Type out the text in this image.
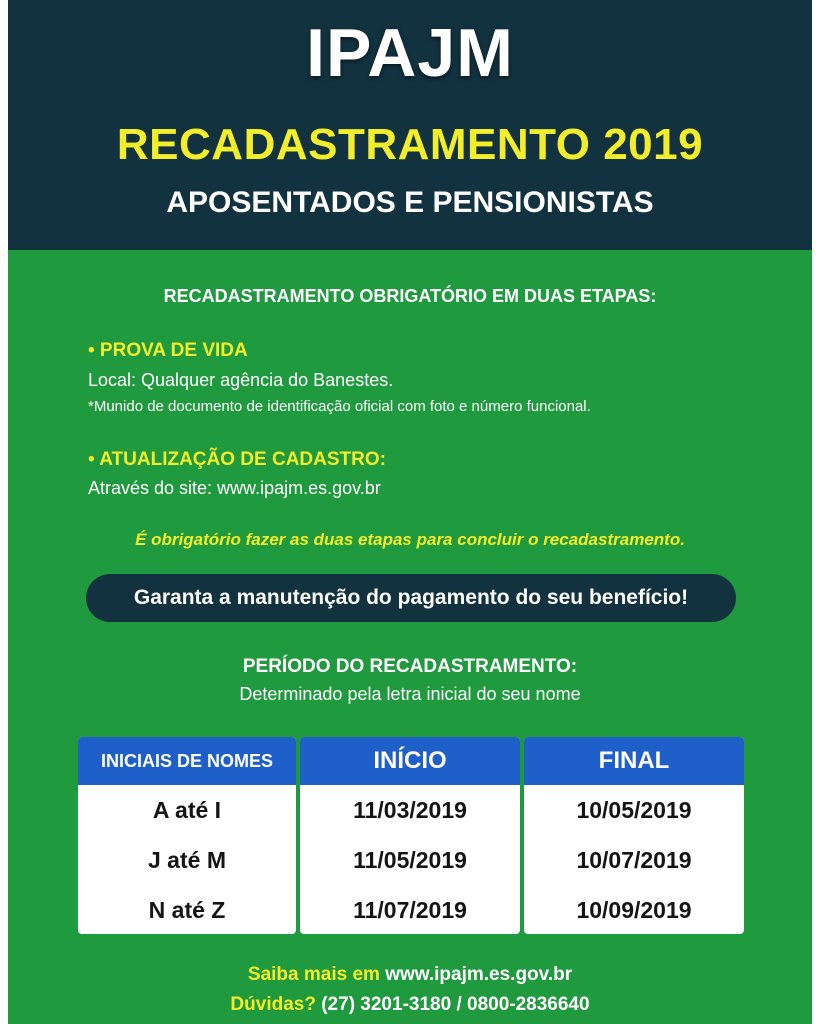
IPAJM
RECADASTRAMENTO 2019
APOSENTADOS E PENSIONISTAS
RECADASTRAMENTO OBRIGATÓRIO EM DUAS ETAPAS:
• PROVA DE VIDA
Local: Qualquer agência do Banestes.
*Munido de documento de identificação oficial com foto e número funcional.
• ATUALIZAÇÃO DE CADASTRO:
Através do site: www.ipajm.es.gov.br
É obrigatório fazer as duas etapas para concluir o recadastramento.
Garanta a manutenção do pagamento do seu benefício!
PERÍODO DO RECADASTRAMENTO:
Determinado pela letra inicial do seu nome
INICIAIS DE NOMES
A até I
J até M
N até Z
INÍCIO
11/03/2019
11/05/2019
11/07/2019
FINAL
10/05/2019
10/07/2019
10/09/2019
Saiba mais em www.ipajm.es.gov.br
Dúvidas? (27) 3201-3180 / 0800-2836640
